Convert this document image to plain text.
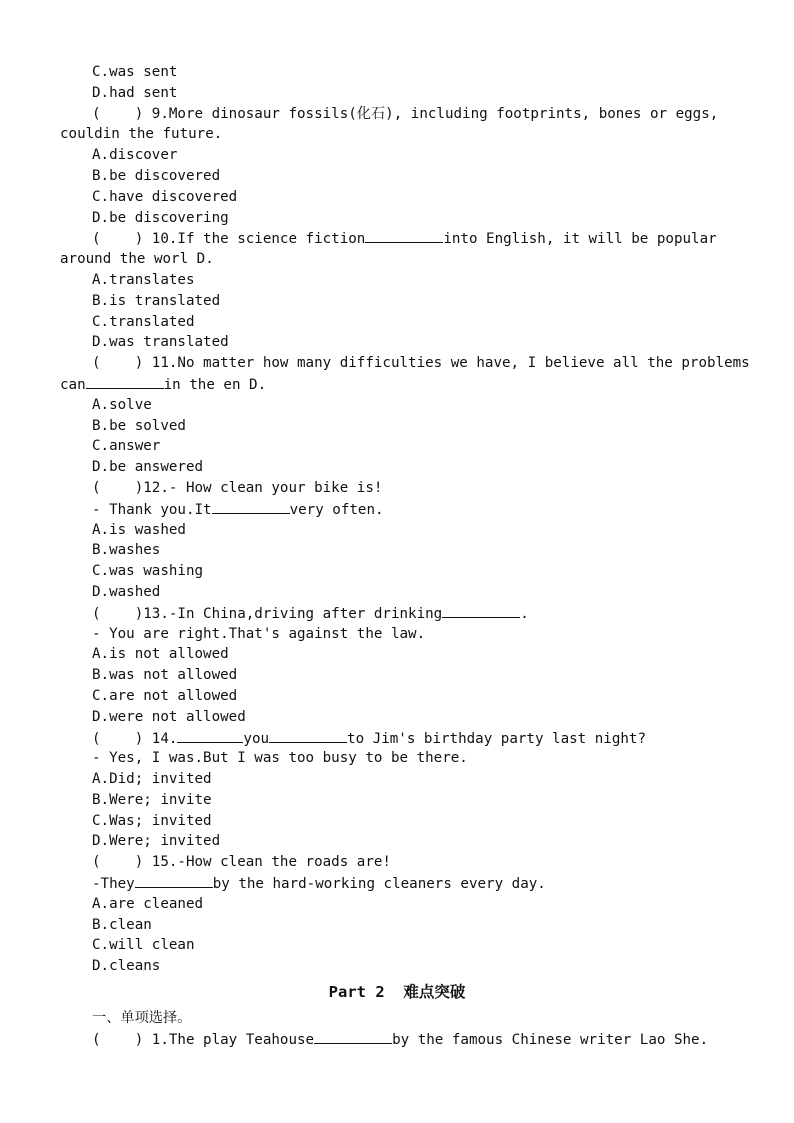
C.was sent
D.had sent
(    ) 9.More dinosaur fossils(化石), including footprints, bones or eggs,
couldin the future.
A.discover
B.be discovered
C.have discovered
D.be discovering
(    ) 10.If the science fiction	into English, it will be popular
around the worl D.
A.translates
B.is translated
C.translated
D.was translated
(    ) 11.No matter how many difficulties we have, I believe all the problems
can	in the en D.
A.solve
B.be solved
C.answer
D.be answered
(    )12.- How clean your bike is!
- Thank you.It	very often.
A.is washed
B.washes
C.was washing
D.washed
(    )13.-In China,driving after drinking	.
- You are right.That's against the law.
A.is not allowed
B.was not allowed
C.are not allowed
D.were not allowed
(    ) 14.	you	to Jim's birthday party last night?
- Yes, I was.But I was too busy to be there.
A.Did; invited
B.Were; invite
C.Was; invited
D.Were; invited
(    ) 15.-How clean the roads are!
-They	by the hard-working cleaners every day.
A.are cleaned
B.clean
C.will clean
D.cleans
Part 2  难点突破
一、单项选择。
(    ) 1.The play Teahouse	by the famous Chinese writer Lao She.
